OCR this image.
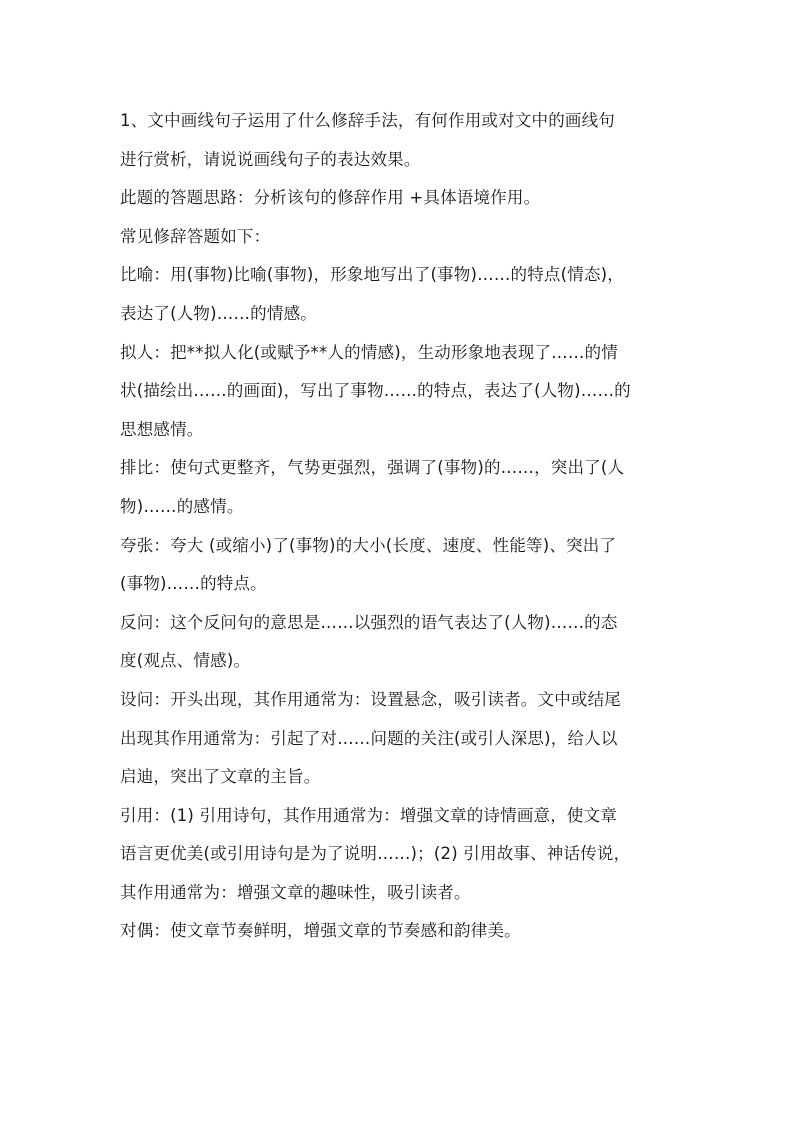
1、文中画线句子运用了什么修辞手法，有何作用或对文中的画线句
进行赏析，请说说画线句子的表达效果。
此题的答题思路：分析该句的修辞作用 +具体语境作用。
常见修辞答题如下：
比喻：用(事物)比喻(事物)，形象地写出了(事物)……的特点(情态)，
表达了(人物)……的情感。
拟人：把**拟人化(或赋予**人的情感)，生动形象地表现了……的情
状(描绘出……的画面)，写出了事物……的特点，表达了(人物)……的
思想感情。
排比：使句式更整齐，气势更强烈，强调了(事物)的……，突出了(人
物)……的感情。
夸张：夸大 (或缩小)了(事物)的大小(长度、速度、性能等)、突出了
(事物)……的特点。
反问：这个反问句的意思是……以强烈的语气表达了(人物)……的态
度(观点、情感)。
设问：开头出现，其作用通常为：设置悬念，吸引读者。文中或结尾
出现其作用通常为：引起了对……问题的关注(或引人深思)，给人以
启迪，突出了文章的主旨。
引用：(1) 引用诗句，其作用通常为：增强文章的诗情画意，使文章
语言更优美(或引用诗句是为了说明……)；(2) 引用故事、神话传说，
其作用通常为：增强文章的趣味性，吸引读者。
对偶：使文章节奏鲜明，增强文章的节奏感和韵律美。
